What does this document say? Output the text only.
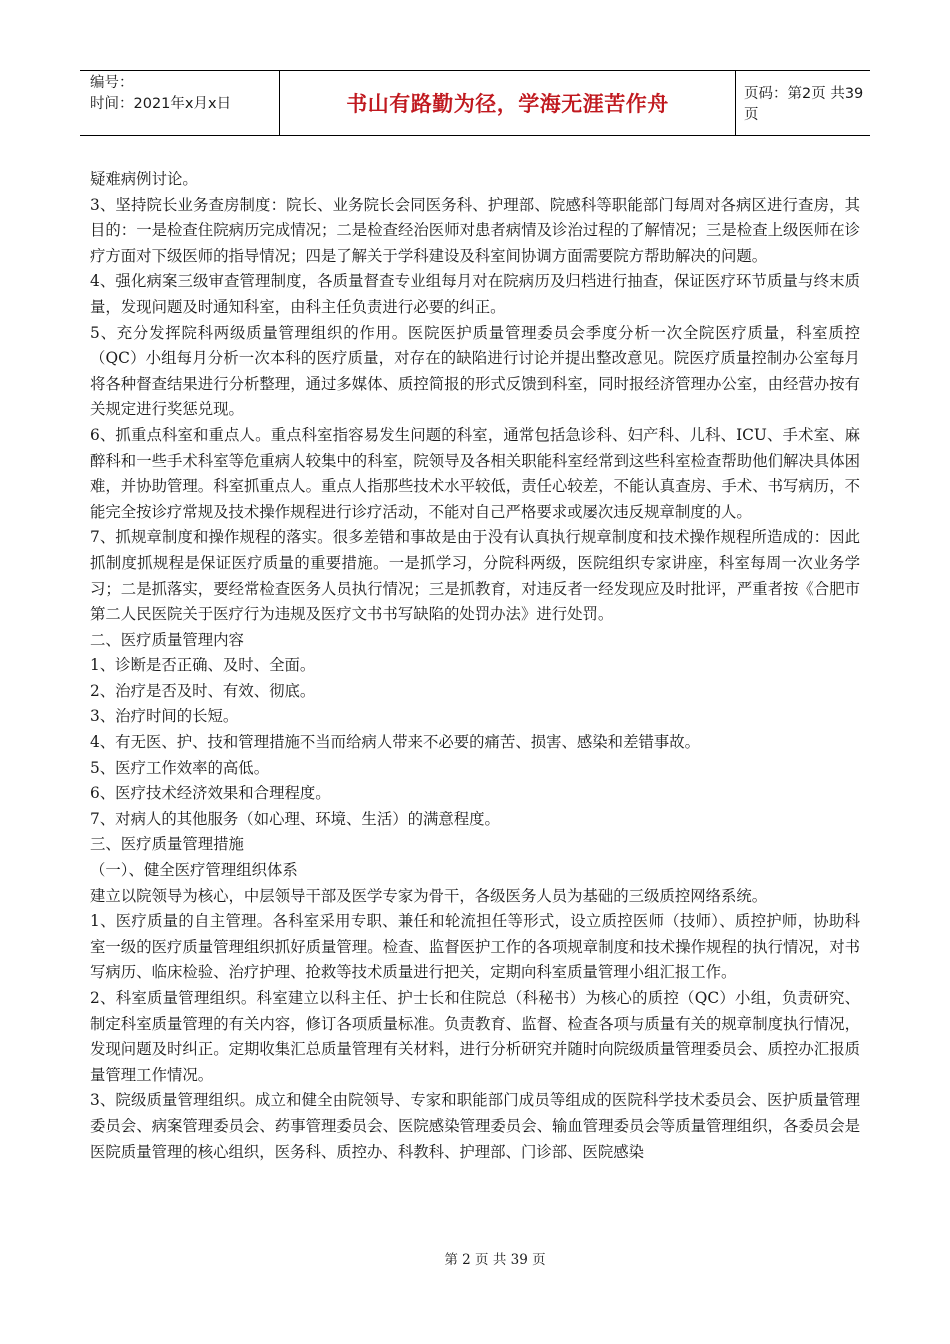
编号：
时间：2021年x月x日	书山有路勤为径，学海无涯苦作舟	页码：第2页 共39页

疑难病例讨论。

3、坚持院长业务查房制度：院长、业务院长会同医务科、护理部、院感科等职能部门每周对各病区进行查房，其目的：一是检查住院病历完成情况；二是检查经治医师对患者病情及诊治过程的了解情况；三是检查上级医师在诊疗方面对下级医师的指导情况；四是了解关于学科建设及科室间协调方面需要院方帮助解决的问题。

4、强化病案三级审查管理制度，各质量督查专业组每月对在院病历及归档进行抽查，保证医疗环节质量与终末质量，发现问题及时通知科室，由科主任负责进行必要的纠正。

5、充分发挥院科两级质量管理组织的作用。医院医护质量管理委员会季度分析一次全院医疗质量，科室质控（QC）小组每月分析一次本科的医疗质量，对存在的缺陷进行讨论并提出整改意见。院医疗质量控制办公室每月将各种督查结果进行分析整理，通过多媒体、质控简报的形式反馈到科室，同时报经济管理办公室，由经营办按有关规定进行奖惩兑现。

6、抓重点科室和重点人。重点科室指容易发生问题的科室，通常包括急诊科、妇产科、儿科、ICU、手术室、麻醉科和一些手术科室等危重病人较集中的科室，院领导及各相关职能科室经常到这些科室检查帮助他们解决具体困难，并协助管理。科室抓重点人。重点人指那些技术水平较低，责任心较差，不能认真查房、手术、书写病历，不能完全按诊疗常规及技术操作规程进行诊疗活动，不能对自己严格要求或屡次违反规章制度的人。

7、抓规章制度和操作规程的落实。很多差错和事故是由于没有认真执行规章制度和技术操作规程所造成的：因此抓制度抓规程是保证医疗质量的重要措施。一是抓学习，分院科两级，医院组织专家讲座，科室每周一次业务学习；二是抓落实，要经常检查医务人员执行情况；三是抓教育，对违反者一经发现应及时批评，严重者按《合肥市第二人民医院关于医疗行为违规及医疗文书书写缺陷的处罚办法》进行处罚。

二、医疗质量管理内容

1、诊断是否正确、及时、全面。

2、治疗是否及时、有效、彻底。

3、治疗时间的长短。

4、有无医、护、技和管理措施不当而给病人带来不必要的痛苦、损害、感染和差错事故。

5、医疗工作效率的高低。

6、医疗技术经济效果和合理程度。

7、对病人的其他服务（如心理、环境、生活）的满意程度。

三、医疗质量管理措施

（一）、健全医疗管理组织体系

建立以院领导为核心，中层领导干部及医学专家为骨干，各级医务人员为基础的三级质控网络系统。

1、医疗质量的自主管理。各科室采用专职、兼任和轮流担任等形式，设立质控医师（技师）、质控护师，协助科室一级的医疗质量管理组织抓好质量管理。检查、监督医护工作的各项规章制度和技术操作规程的执行情况，对书写病历、临床检验、治疗护理、抢救等技术质量进行把关，定期向科室质量管理小组汇报工作。

2、科室质量管理组织。科室建立以科主任、护士长和住院总（科秘书）为核心的质控（QC）小组，负责研究、制定科室质量管理的有关内容，修订各项质量标准。负责教育、监督、检查各项与质量有关的规章制度执行情况，发现问题及时纠正。定期收集汇总质量管理有关材料，进行分析研究并随时向院级质量管理委员会、质控办汇报质量管理工作情况。

3、院级质量管理组织。成立和健全由院领导、专家和职能部门成员等组成的医院科学技术委员会、医护质量管理委员会、病案管理委员会、药事管理委员会、医院感染管理委员会、输血管理委员会等质量管理组织，各委员会是医院质量管理的核心组织，医务科、质控办、科教科、护理部、门诊部、医院感染

第 2 页 共 39 页
